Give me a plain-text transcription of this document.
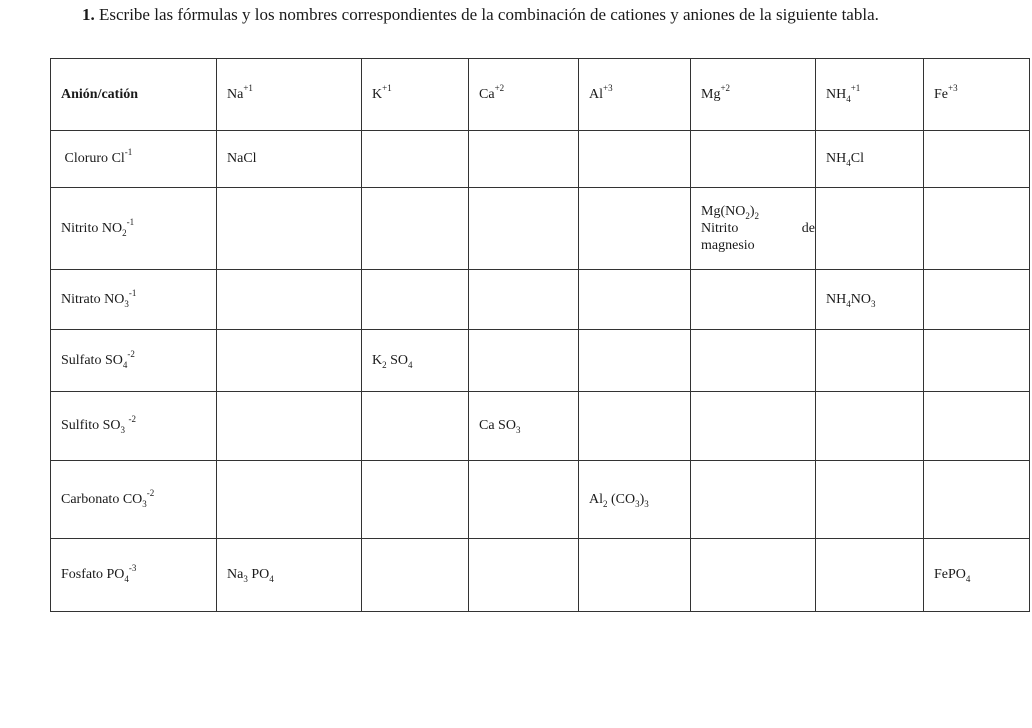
1. Escribe las fórmulas y los nombres correspondientes de la combinación de cationes y aniones de la siguiente tabla.

Anión/catión	$Na^{+1}$	$K^{+1}$	$Ca^{+2}$	$Al^{+3}$	$Mg^{+2}$	$NH_4^{+1}$	$Fe^{+3}$
Cloruro $Cl^{-1}$	NaCl					$NH_4Cl$	
Nitrito $NO_2^{-1}$					$Mg(NO_2)_2$
Nitrito de
magnesio		

Nitrato $NO_3^{-1}$						$NH_4NO_3$	
Sulfato $SO_4^{-2}$		$K_2$ $SO_4$					
Sulfito $SO_3$ $^{-2}$			Ca $SO_3$				
Carbonato $CO_3^{-2}$				$Al_2$ $(CO_3)_3$			
Fosfato $PO_4^{-3}$	$Na_3$ $PO_4$						FePO$_4$
